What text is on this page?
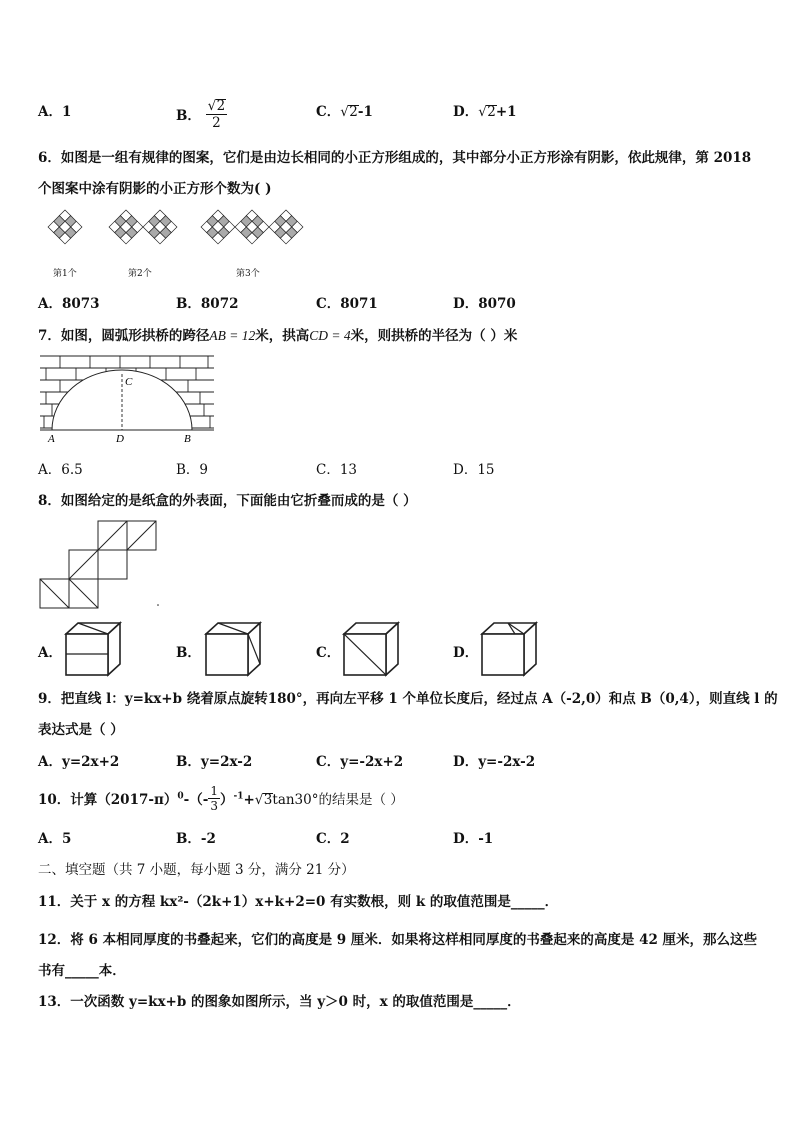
A．1	B． $\frac{√ 2}{2}$	C． √ 2-1	D． √ 2+1
6．如图是一组有规律的图案，它们是由边长相同的小正方形组成的，其中部分小正方形涂有阴影，依此规律，第 2018
个图案中涂有阴影的小正方形个数为( )
第1个	第2个	第3个
A．8073	B．8072	C．8071	D．8070
7．如图，圆弧形拱桥的跨径AB = 12米，拱高CD = 4米，则拱桥的半径为（ ）米
A	D	B
C
A．6.5	B．9	C．13	D．15
8．如图给定的是纸盒的外表面，下面能由它折叠而成的是（ ）
A．	B．	C．	D．
9．把直线 l：y=kx+b 绕着原点旋转180°，再向左平移 1 个单位长度后，经过点 A（-2,0）和点 B（0,4），则直线 l 的
表达式是（ ）
A．y=2x+2	B．y=2x-2	C．y=-2x+2	D．y=-2x-2
10．计算$(2017-\pi)^0-(- \frac{1}{3} )^{-1}+$ √ 3tan30°的结果是（ ）
A．5	B．-2	C．2	D．-1
二、填空题（共 7 小题，每小题 3 分，满分 21 分）
11．关于 x 的方程 kx²-（2k+1）x+k+2=0 有实数根，则 k 的取值范围是_____．
12．将 6 本相同厚度的书叠起来，它们的高度是 9 厘米．如果将这样相同厚度的书叠起来的高度是 42 厘米，那么这些
书有_____本．
13．一次函数 y=kx+b 的图象如图所示，当 y＞0 时，x 的取值范围是_____．
